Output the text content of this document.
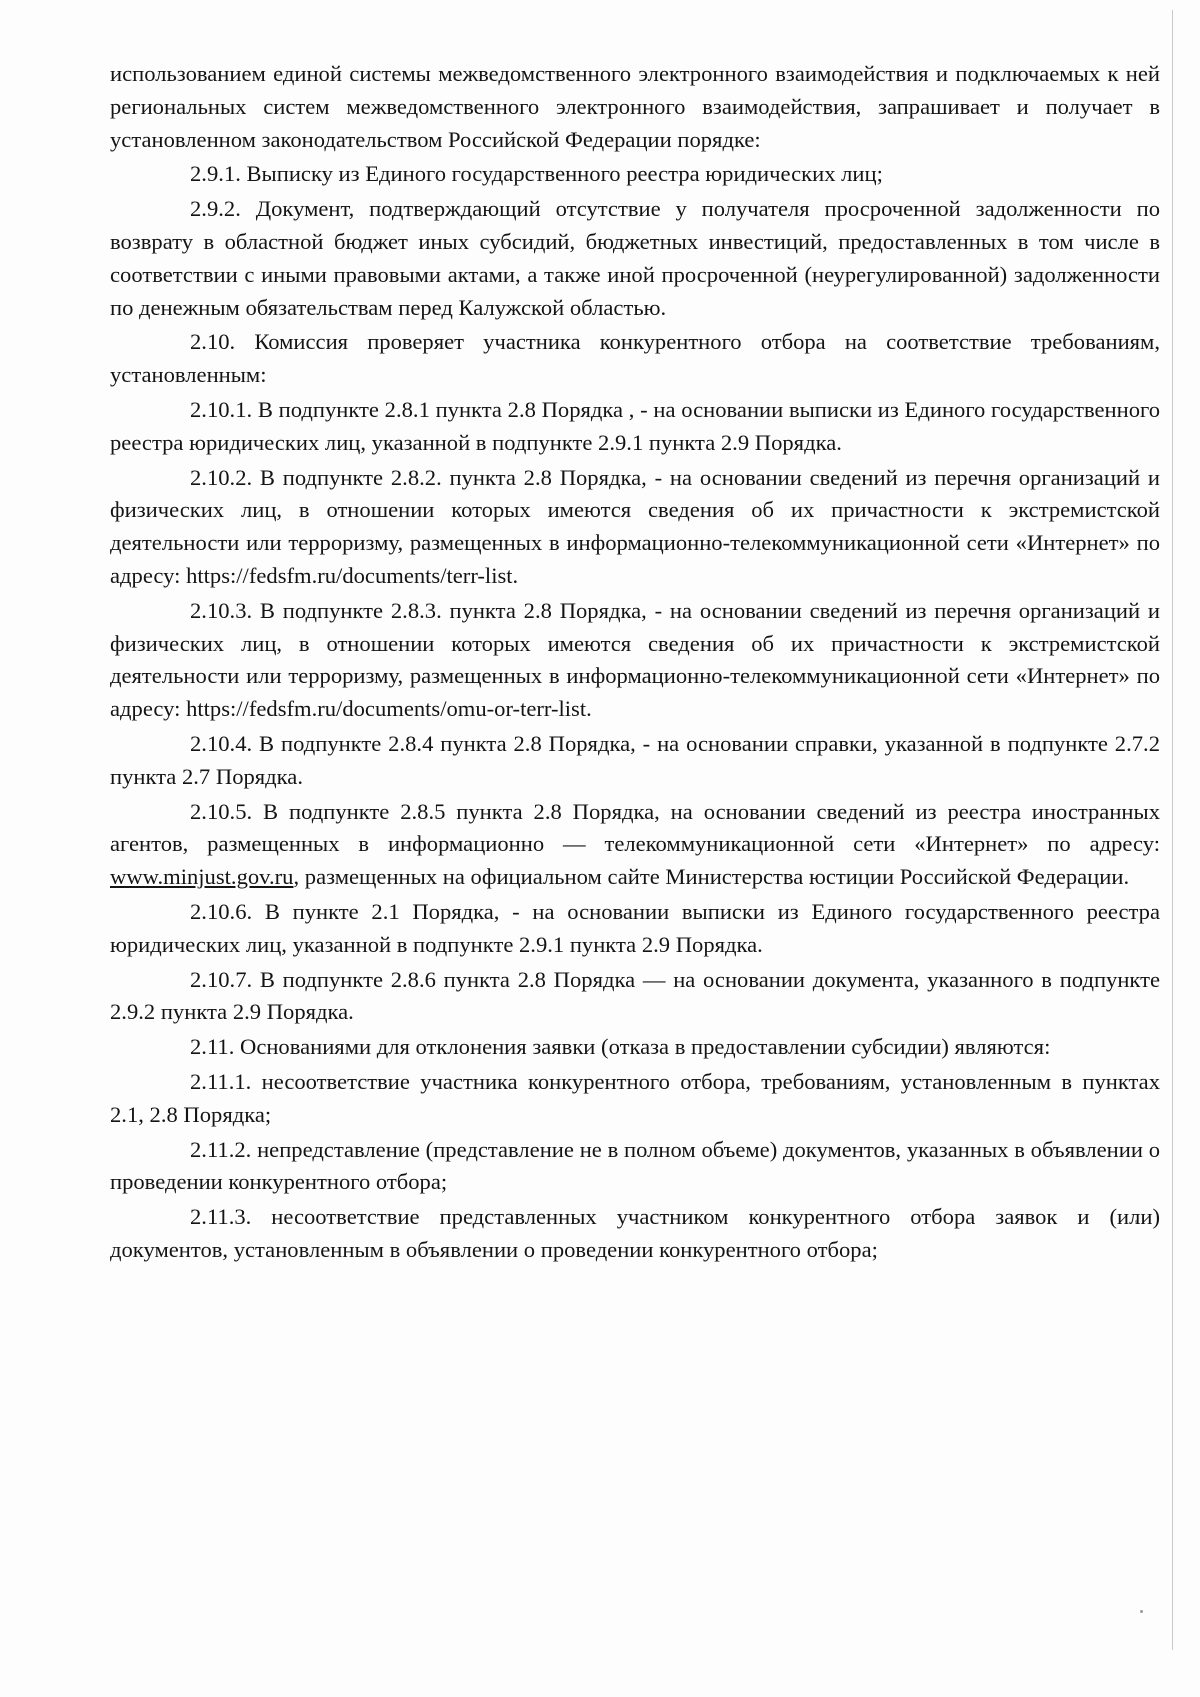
использованием единой системы межведомственного электронного взаимодействия и подключаемых к ней региональных систем межведомственного электронного взаимодействия, запрашивает и получает в установленном законодательством Российской Федерации порядке:

2.9.1. Выписку из Единого государственного реестра юридических лиц;

2.9.2. Документ, подтверждающий отсутствие у получателя просроченной задолженности по возврату в областной бюджет иных субсидий, бюджетных инвестиций, предоставленных в том числе в соответствии с иными правовыми актами, а также иной просроченной (неурегулированной) задолженности по денежным обязательствам перед Калужской областью.

2.10. Комиссия проверяет участника конкурентного отбора на соответствие требованиям, установленным:

2.10.1. В подпункте 2.8.1 пункта 2.8 Порядка , - на основании выписки из Единого государственного реестра юридических лиц, указанной в подпункте 2.9.1 пункта 2.9 Порядка.

2.10.2. В подпункте 2.8.2. пункта 2.8 Порядка, - на основании сведений из перечня организаций и физических лиц, в отношении которых имеются сведения об их причастности к экстремистской деятельности или терроризму, размещенных в информационно-телекоммуникационной сети «Интернет» по адресу: https://fedsfm.ru/documents/terr-list.

2.10.3. В подпункте 2.8.3. пункта 2.8 Порядка, - на основании сведений из перечня организаций и физических лиц, в отношении которых имеются сведения об их причастности к экстремистской деятельности или терроризму, размещенных в информационно-телекоммуникационной сети «Интернет» по адресу: https://fedsfm.ru/documents/omu-or-terr-list.

2.10.4. В подпункте 2.8.4 пункта 2.8 Порядка, - на основании справки, указанной в подпункте 2.7.2 пункта 2.7 Порядка.

2.10.5. В подпункте 2.8.5 пункта 2.8 Порядка, на основании сведений из реестра иностранных агентов, размещенных в информационно — телекоммуникационной сети «Интернет» по адресу: www.minjust.gov.ru, размещенных на официальном сайте Министерства юстиции Российской Федерации.

2.10.6. В пункте 2.1 Порядка, - на основании выписки из Единого государственного реестра юридических лиц, указанной в подпункте 2.9.1 пункта 2.9 Порядка.

2.10.7. В подпункте 2.8.6 пункта 2.8 Порядка — на основании документа, указанного в подпункте 2.9.2 пункта 2.9 Порядка.

2.11. Основаниями для отклонения заявки (отказа в предоставлении субсидии) являются:

2.11.1. несоответствие участника конкурентного отбора, требованиям, установленным в пунктах 2.1, 2.8 Порядка;

2.11.2. непредставление (представление не в полном объеме) документов, указанных в объявлении о проведении конкурентного отбора;

2.11.3. несоответствие представленных участником конкурентного отбора заявок и (или) документов, установленным в объявлении о проведении конкурентного отбора;
